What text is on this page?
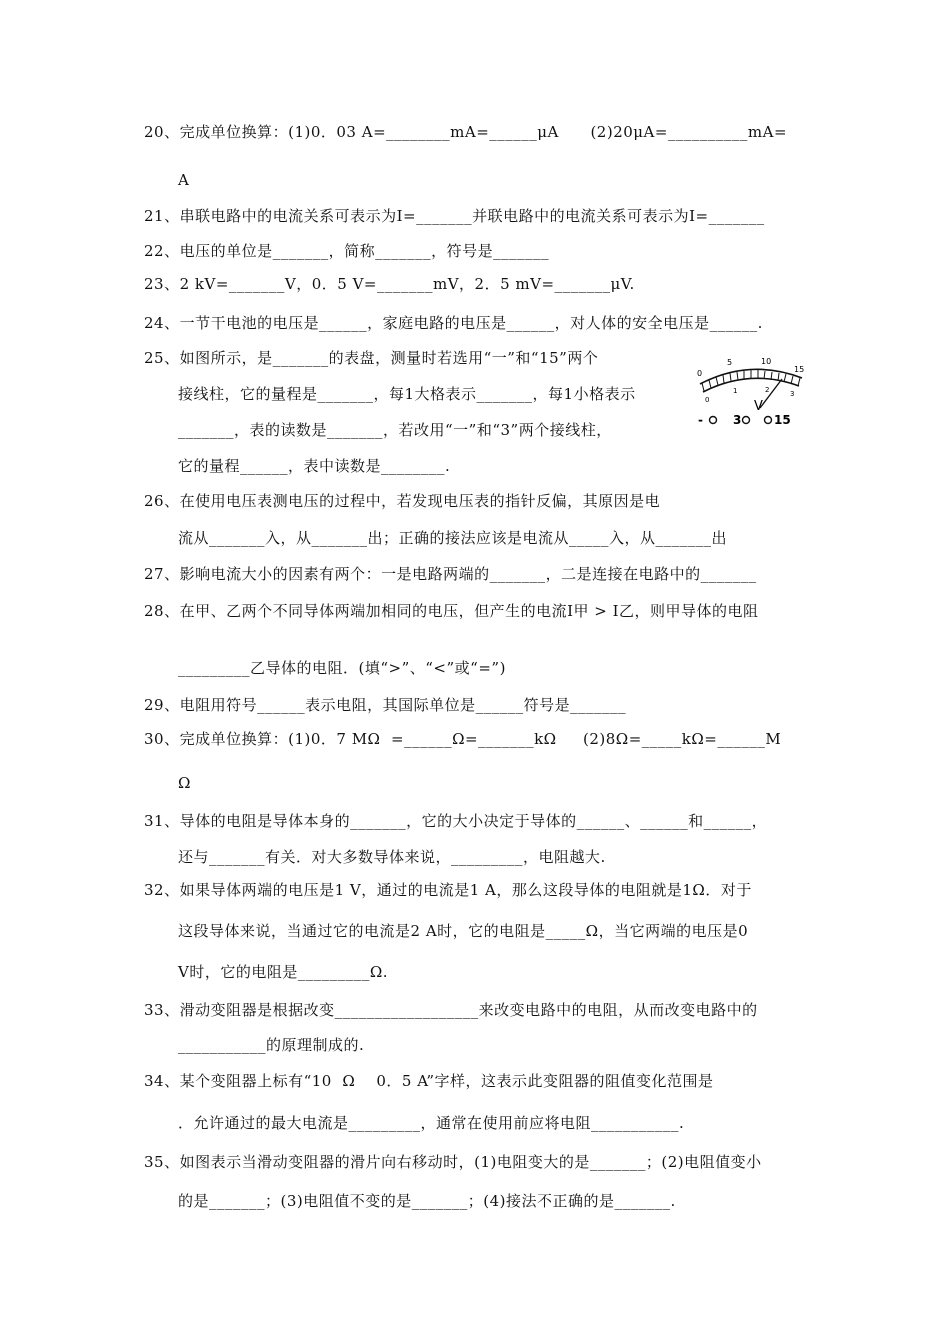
20、完成单位换算：(1)0．03 A=________mA=______μA      (2)20μA=__________mA=
A
21、串联电路中的电流关系可表示为I=_______并联电路中的电流关系可表示为I=_______
22、电压的单位是_______，简称_______，符号是_______
23、2 kV=_______V，0．5 V=_______mV，2．5 mV=_______μV.
24、一节干电池的电压是______，家庭电路的电压是______，对人体的安全电压是______.
25、如图所示，是_______的表盘，测量时若选用“一”和“15”两个
接线柱，它的量程是_______，每1大格表示_______，每1小格表示
_______，表的读数是_______，若改用“一”和“3”两个接线柱，
它的量程______，表中读数是________.
26、在使用电压表测电压的过程中，若发现电压表的指针反偏，其原因是电
流从_______入，从_______出；正确的接法应该是电流从_____入，从_______出
27、影响电流大小的因素有两个：一是电路两端的_______，二是连接在电路中的_______
28、在甲、乙两个不同导体两端加相同的电压，但产生的电流I甲 > I乙，则甲导体的电阻
_________乙导体的电阻．(填“>”、“<”或“=”)
29、电阻用符号______表示电阻，其国际单位是______符号是_______
30、完成单位换算：(1)0．7 MΩ  =______Ω=_______kΩ     (2)8Ω=_____kΩ=______M
Ω
31、导体的电阻是导体本身的_______，它的大小决定于导体的______、______和______，
还与_______有关．对大多数导体来说，_________，电阻越大.
32、如果导体两端的电压是1 V，通过的电流是1 A，那么这段导体的电阻就是1Ω．对于
这段导体来说，当通过它的电流是2 A时，它的电阻是_____Ω，当它两端的电压是0
V时，它的电阻是_________Ω.
33、滑动变阻器是根据改变__________________来改变电路中的电阻，从而改变电路中的
___________的原理制成的.
34、某个变阻器上标有“10  Ω    0．5 A”字样，这表示此变阻器的阻值变化范围是
．允许通过的最大电流是_________，通常在使用前应将电阻___________.
35、如图表示当滑动变阻器的滑片向右移动时，(1)电阻变大的是_______；(2)电阻值变小
的是_______；(3)电阻值不变的是_______；(4)接法不正确的是_______.
0
5	10
15
0
1	2	3
V
-	3	15
